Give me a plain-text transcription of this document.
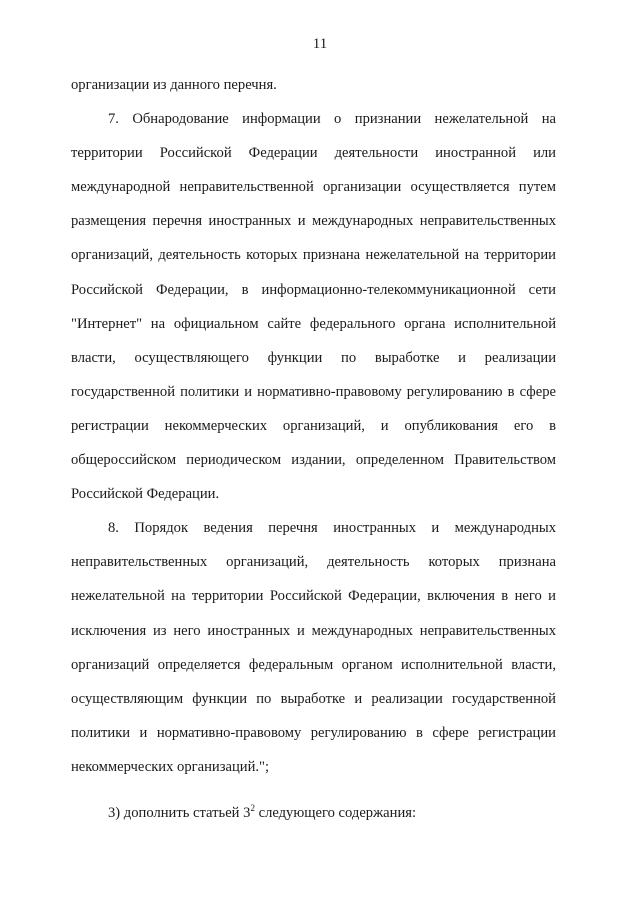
11

организации из данного перечня.

7. Обнародование информации о признании нежелательной на территории Российской Федерации деятельности иностранной или международной неправительственной организации осуществляется путем размещения перечня иностранных и международных неправительственных организаций, деятельность которых признана нежелательной на территории Российской Федерации, в информационно-телекоммуникационной сети "Интернет" на официальном сайте федерального органа исполнительной власти, осуществляющего функции по выработке и реализации государственной политики и нормативно-правовому регулированию в сфере регистрации некоммерческих организаций, и опубликования его в общероссийском периодическом издании, определенном Правительством Российской Федерации.

8. Порядок ведения перечня иностранных и международных неправительственных организаций, деятельность которых признана нежелательной на территории Российской Федерации, включения в него и исключения из него иностранных и международных неправительственных организаций определяется федеральным органом исполнительной власти, осуществляющим функции по выработке и реализации государственной политики и нормативно-правовому регулированию в сфере регистрации некоммерческих организаций.";

3) дополнить статьей $3^2$ следующего содержания:
